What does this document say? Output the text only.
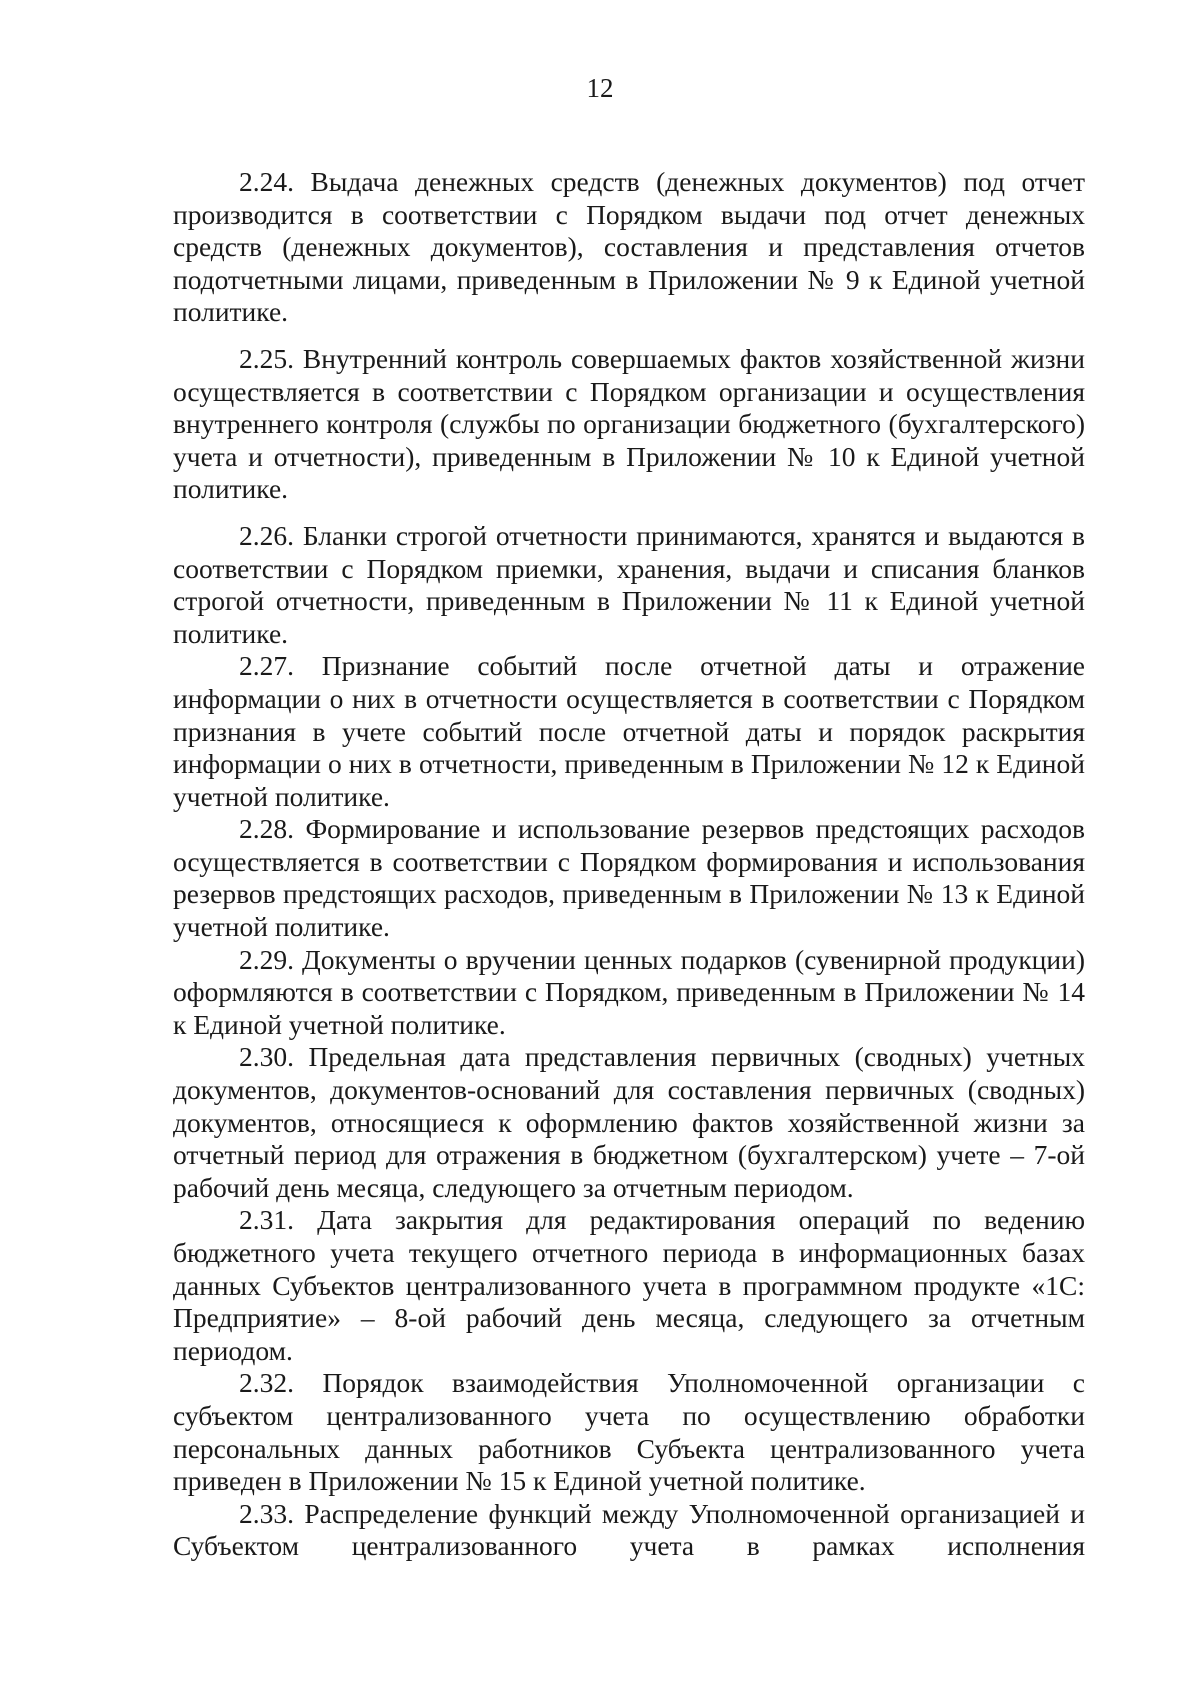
12

2.24. Выдача денежных средств (денежных документов) под отчет производится в соответствии с Порядком выдачи под отчет денежных средств (денежных документов), составления и представления отчетов подотчетными лицами, приведенным в Приложении № 9 к Единой учетной политике.

2.25. Внутренний контроль совершаемых фактов хозяйственной жизни осуществляется в соответствии с Порядком организации и осуществления внутреннего контроля (службы по организации бюджетного (бухгалтерского) учета и отчетности), приведенным в Приложении № 10 к Единой учетной политике.

2.26. Бланки строгой отчетности принимаются, хранятся и выдаются в соответствии с Порядком приемки, хранения, выдачи и списания бланков строгой отчетности, приведенным в Приложении № 11 к Единой учетной политике.

2.27. Признание событий после отчетной даты и отражение информации о них в отчетности осуществляется в соответствии с Порядком признания в учете событий после отчетной даты и порядок раскрытия информации о них в отчетности, приведенным в Приложении № 12 к Единой учетной политике.

2.28. Формирование и использование резервов предстоящих расходов осуществляется в соответствии с Порядком формирования и использования резервов предстоящих расходов, приведенным в Приложении № 13 к Единой учетной политике.

2.29. Документы о вручении ценных подарков (сувенирной продукции) оформляются в соответствии с Порядком, приведенным в Приложении № 14 к Единой учетной политике.

2.30. Предельная дата представления первичных (сводных) учетных документов, документов-оснований для составления первичных (сводных) документов, относящиеся к оформлению фактов хозяйственной жизни за отчетный период для отражения в бюджетном (бухгалтерском) учете – 7-ой рабочий день месяца, следующего за отчетным периодом.

2.31. Дата закрытия для редактирования операций по ведению бюджетного учета текущего отчетного периода в информационных базах данных Субъектов централизованного учета в программном продукте «1С: Предприятие» – 8-ой рабочий день месяца, следующего за отчетным периодом.

2.32. Порядок взаимодействия Уполномоченной организации с субъектом централизованного учета по осуществлению обработки персональных данных работников Субъекта централизованного учета приведен в Приложении № 15 к Единой учетной политике.

2.33. Распределение функций между Уполномоченной организацией и Субъектом централизованного учета в рамках исполнения
